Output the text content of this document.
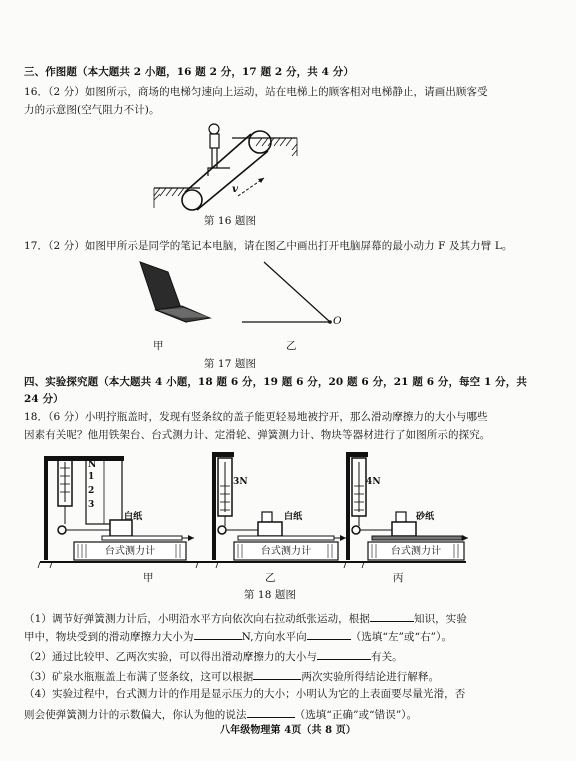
三、作图题（本大题共 2 小题，16 题 2 分，17 题 2 分，共 4 分）
16．（2 分）如图所示，商场的电梯匀速向上运动，站在电梯上的顾客相对电梯静止，请画出顾客受
力的示意图(空气阻力不计)。
v
第 16 题图
17．（2 分）如图甲所示是同学的笔记本电脑，请在图乙中画出打开电脑屏幕的最小动力 F 及其力臂 L。
O
甲	乙
第 17 题图
四、实验探究题（本大题共 4 小题，18 题 6 分，19 题 6 分，20 题 6 分，21 题 6 分，每空 1 分，共
24 分）
18．（6 分）小明拧瓶盖时，发现有竖条纹的盖子能更轻易地被拧开，那么滑动摩擦力的大小与哪些
因素有关呢？他用铁架台、台式测力计、定滑轮、弹簧测力计、物块等器材进行了如图所示的探究。
N
1
2
3
3N	4N
白纸	白纸	砂纸
台式测力计	台式测力计	台式测力计
甲	乙	丙
第 18 题图
（1）调节好弹簧测力计后，小明沿水平方向依次向右拉动纸张运动，根据	知识，实验
甲中，物块受到的滑动摩擦力大小为	N,方向水平向	（选填“左”或“右”）。
（2）通过比较甲、乙两次实验，可以得出滑动摩擦力的大小与	有关。
（3）矿泉水瓶瓶盖上布满了竖条纹，这可以根据	两次实验所得结论进行解释。
（4）实验过程中，台式测力计的作用是显示压力的大小；小明认为它的上表面要尽量光滑，否
则会使弹簧测力计的示数偏大，你认为他的说法	（选填“正确”或“错误”）。
八年级物理第 4页（共 8 页）
